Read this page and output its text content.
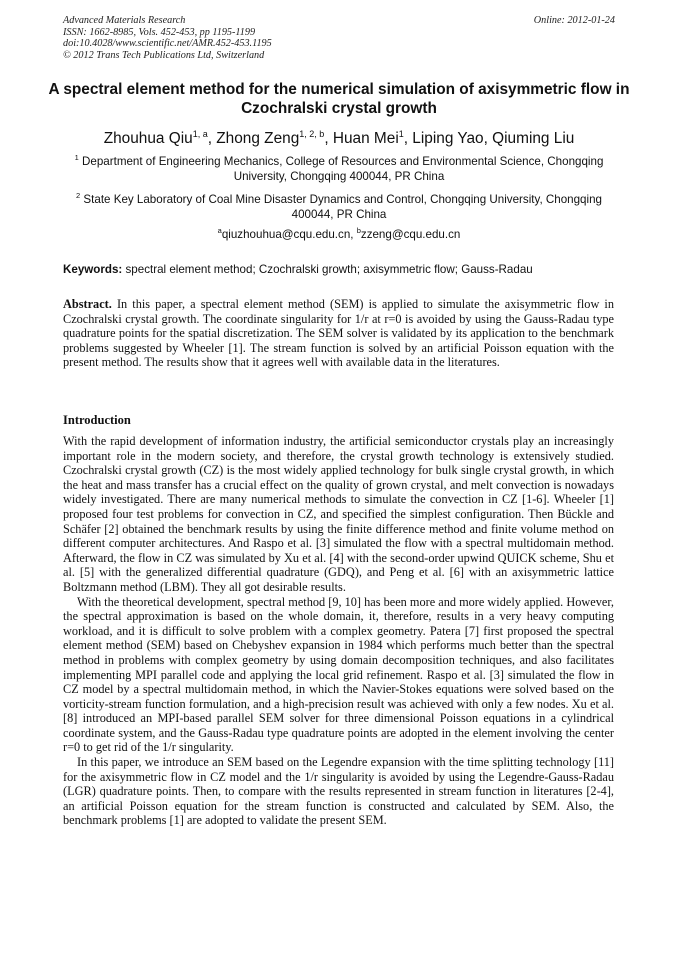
Advanced Materials Research
ISSN: 1662-8985, Vols. 452-453, pp 1195-1199
doi:10.4028/www.scientific.net/AMR.452-453.1195
© 2012 Trans Tech Publications Ltd, Switzerland
Online: 2012-01-24
A spectral element method for the numerical simulation of axisymmetric flow in Czochralski crystal growth
Zhouhua Qiu$^{1, a}$, Zhong Zeng$^{1, 2, b}$, Huan Mei$^1$, Liping Yao, Qiuming Liu
$^1$ Department of Engineering Mechanics, College of Resources and Environmental Science, Chongqing University, Chongqing 400044, PR China
$^2$ State Key Laboratory of Coal Mine Disaster Dynamics and Control, Chongqing University, Chongqing 400044, PR China
$^a$qiuzhouhua@cqu.edu.cn, $^b$zzeng@cqu.edu.cn
Keywords: spectral element method; Czochralski growth; axisymmetric flow; Gauss-Radau
Abstract. In this paper, a spectral element method (SEM) is applied to simulate the axisymmetric flow in Czochralski crystal growth. The coordinate singularity for 1/r at r=0 is avoided by using the Gauss-Radau type quadrature points for the spatial discretization. The SEM solver is validated by its application to the benchmark problems suggested by Wheeler [1]. The stream function is solved by an artificial Poisson equation with the present method. The results show that it agrees well with available data in the literatures.
Introduction

With the rapid development of information industry, the artificial semiconductor crystals play an increasingly important role in the modern society, and therefore, the crystal growth technology is extensively studied. Czochralski crystal growth (CZ) is the most widely applied technology for bulk single crystal growth, in which the heat and mass transfer has a crucial effect on the quality of grown crystal, and melt convection is nowadays widely investigated. There are many numerical methods to simulate the convection in CZ [1-6]. Wheeler [1] proposed four test problems for convection in CZ, and specified the simplest configuration. Then Bückle and Schäfer [2] obtained the benchmark results by using the finite difference method and finite volume method on different computer architectures. And Raspo et al. [3] simulated the flow with a spectral multidomain method. Afterward, the flow in CZ was simulated by Xu et al. [4] with the second-order upwind QUICK scheme, Shu et al. [5] with the generalized differential quadrature (GDQ), and Peng et al. [6] with an axisymmetric lattice Boltzmann method (LBM). They all got desirable results.

With the theoretical development, spectral method [9, 10] has been more and more widely applied. However, the spectral approximation is based on the whole domain, it, therefore, results in a very heavy computing workload, and it is difficult to solve problem with a complex geometry. Patera [7] first proposed the spectral element method (SEM) based on Chebyshev expansion in 1984 which performs much better than the spectral method in problems with complex geometry by using domain decomposition techniques, and also facilitates implementing MPI parallel code and applying the local grid refinement. Raspo et al. [3] simulated the flow in CZ model by a spectral multidomain method, in which the Navier-Stokes equations were solved based on the vorticity-stream function formulation, and a high-precision result was achieved with only a few nodes. Xu et al. [8] introduced an MPI-based parallel SEM solver for three dimensional Poisson equations in a cylindrical coordinate system, and the Gauss-Radau type quadrature points are adopted in the element involving the center r=0 to get rid of the 1/r singularity.

In this paper, we introduce an SEM based on the Legendre expansion with the time splitting technology [11] for the axisymmetric flow in CZ model and the 1/r singularity is avoided by using the Legendre-Gauss-Radau (LGR) quadrature points. Then, to compare with the results represented in stream function in literatures [2-4], an artificial Poisson equation for the stream function is constructed and calculated by SEM. Also, the benchmark problems [1] are adopted to validate the present SEM.
